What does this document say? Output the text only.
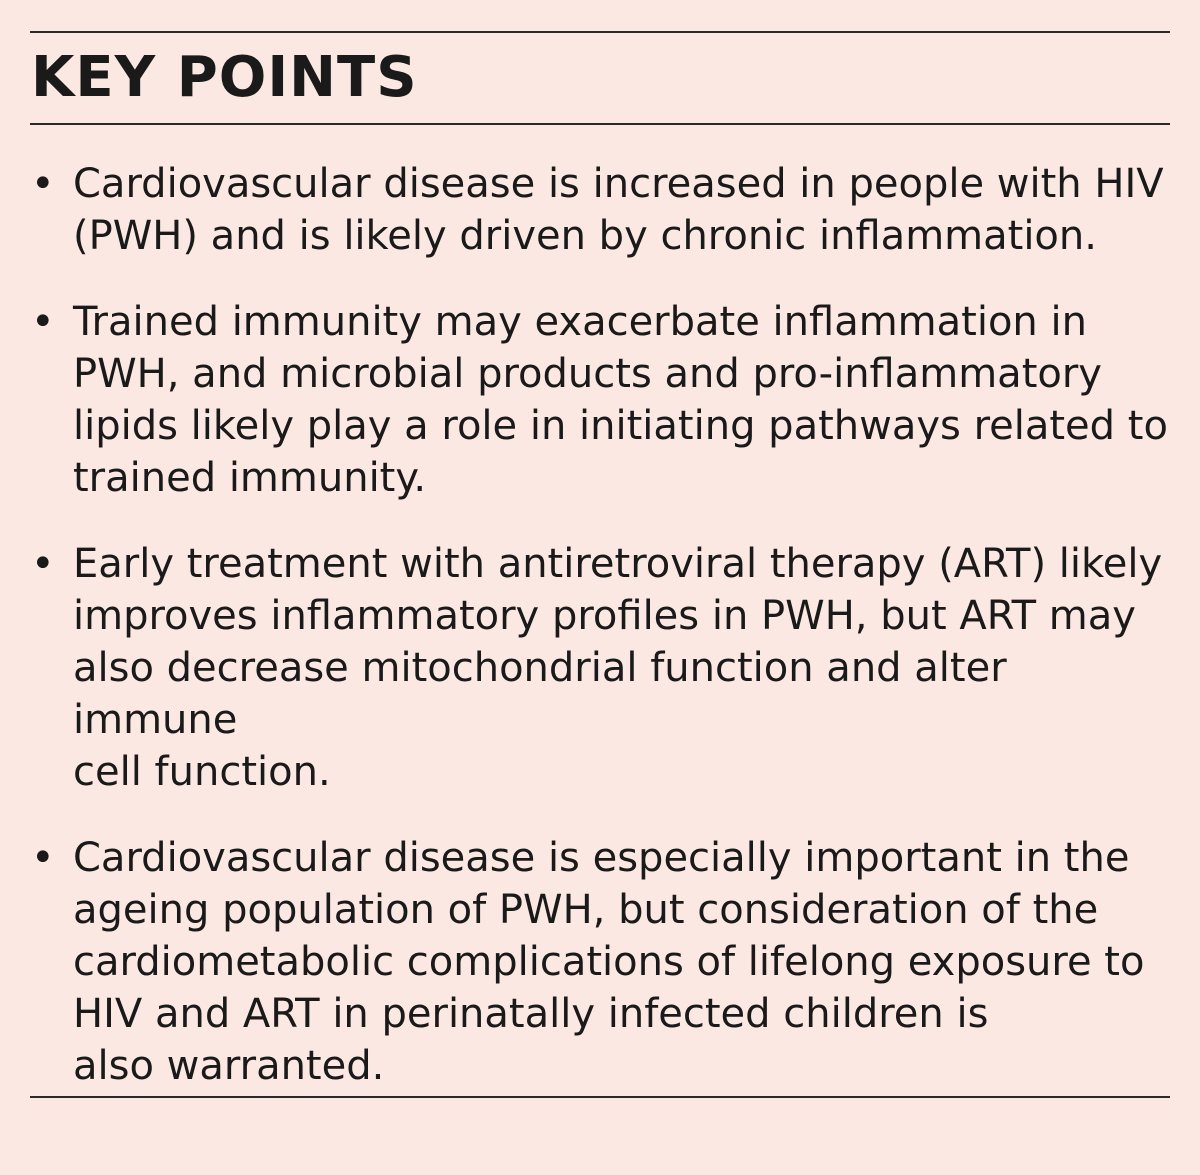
KEY POINTS
• Cardiovascular disease is increased in people with HIV
(PWH) and is likely driven by chronic inflammation.
• Trained immunity may exacerbate inflammation in
PWH, and microbial products and pro-inflammatory
lipids likely play a role in initiating pathways related to
trained immunity.
• Early treatment with antiretroviral therapy (ART) likely
improves inflammatory profiles in PWH, but ART may
also decrease mitochondrial function and alter immune
cell function.
• Cardiovascular disease is especially important in the
ageing population of PWH, but consideration of the
cardiometabolic complications of lifelong exposure to
HIV and ART in perinatally infected children is
also warranted.
